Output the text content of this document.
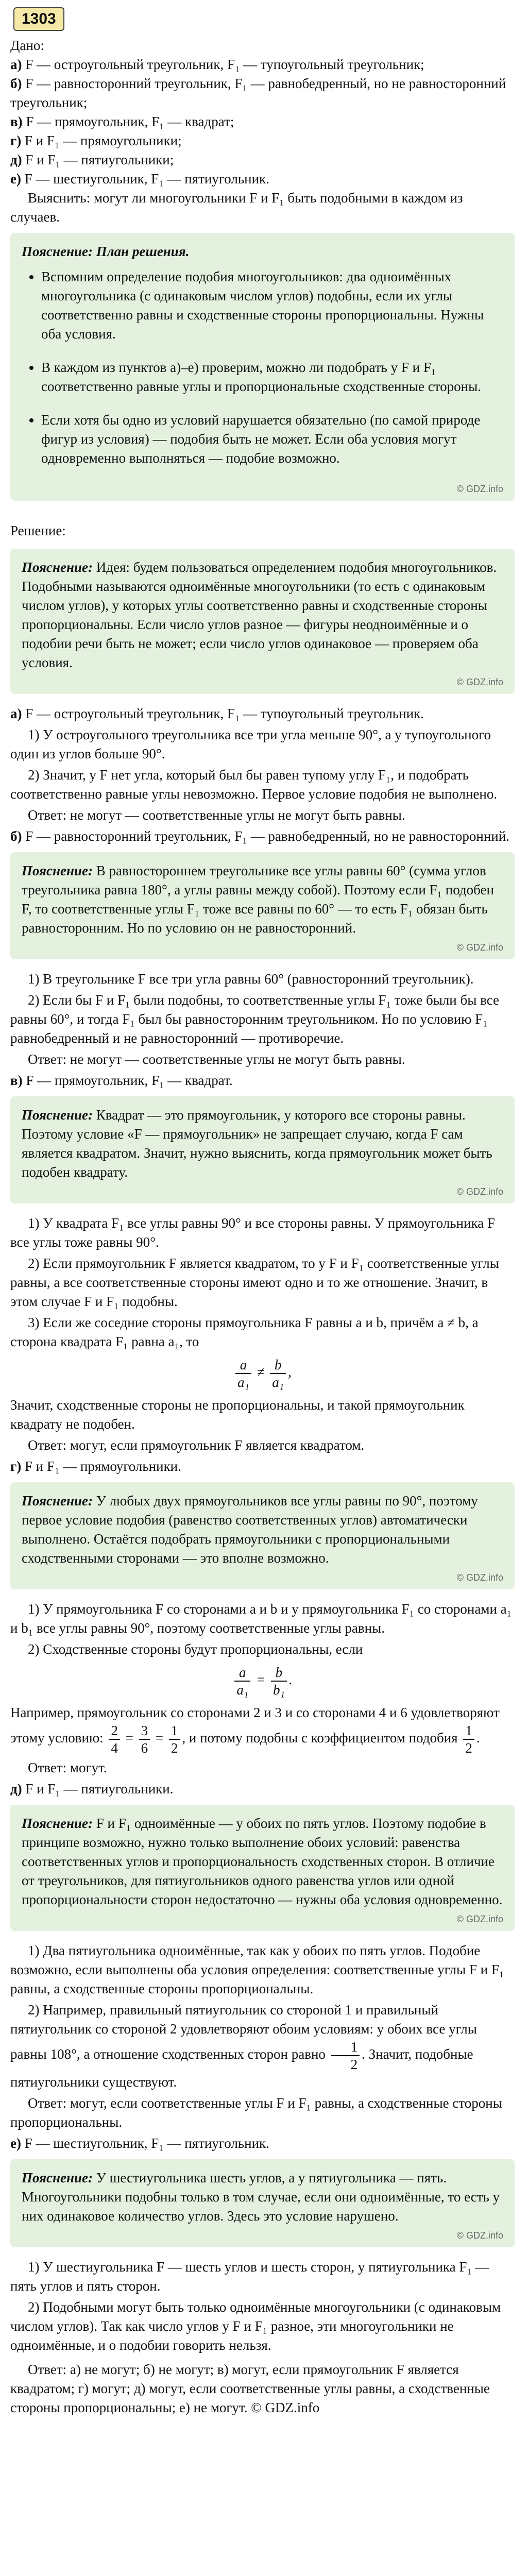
1303

Дано:

а) F — остроугольный треугольник, F₁ — тупоугольный треугольник;

б) F — равносторонний треугольник, F₁ — равнобедренный, но не равносторонний треугольник;

в) F — прямоугольник, F₁ — квадрат;

г) F и F₁ — прямоугольники;

д) F и F₁ — пятиугольники;

е) F — шестиугольник, F₁ — пятиугольник.

Выяснить: могут ли многоугольники F и F₁ быть подобными в каждом из случаев.

Пояснение: План решения.
• Вспомним определение подобия многоугольников: два одноимённых многоугольника (с одинаковым числом углов) подобны, если их углы соответственно равны и сходственные стороны пропорциональны. Нужны оба условия.
• В каждом из пунктов а)–е) проверим, можно ли подобрать у F и F₁ соответственно равные углы и пропорциональные сходственные стороны.
• Если хотя бы одно из условий нарушается обязательно (по самой природе фигур из условия) — подобия быть не может. Если оба условия могут одновременно выполняться — подобие возможно.
© GDZ.info

Решение:

Пояснение: Идея: будем пользоваться определением подобия многоугольников. Подобными называются одноимённые многоугольники (то есть с одинаковым числом углов), у которых углы соответственно равны и сходственные стороны пропорциональны. Если число углов разное — фигуры неодноимённые и о подобии речи быть не может; если число углов одинаковое — проверяем оба условия.

© GDZ.info

а) F — остроугольный треугольник, F₁ — тупоугольный треугольник.

1) У остроугольного треугольника все три угла меньше 90°, а у тупоугольного один из углов больше 90°.

2) Значит, у F нет угла, который был бы равен тупому углу F₁, и подобрать соответственно равные углы невозможно. Первое условие подобия не выполнено.

Ответ: не могут — соответственные углы не могут быть равны.

б) F — равносторонний треугольник, F₁ — равнобедренный, но не равносторонний.

Пояснение: В равностороннем треугольнике все углы равны 60° (сумма углов треугольника равна 180°, а углы равны между собой). Поэтому если F₁ подобен F, то соответственные углы F₁ тоже все равны по 60° — то есть F₁ обязан быть равносторонним. Но по условию он не равносторонний.

© GDZ.info

1) В треугольнике F все три угла равны 60° (равносторонний треугольник).

2) Если бы F и F₁ были подобны, то соответственные углы F₁ тоже были бы все равны 60°, и тогда F₁ был бы равносторонним треугольником. Но по условию F₁ равнобедренный и не равносторонний — противоречие.

Ответ: не могут — соответственные углы не могут быть равны.

в) F — прямоугольник, F₁ — квадрат.

Пояснение: Квадрат — это прямоугольник, у которого все стороны равны. Поэтому условие «F — прямоугольник» не запрещает случаю, когда F сам является квадратом. Значит, нужно выяснить, когда прямоугольник может быть подобен квадрату.

© GDZ.info

1) У квадрата F₁ все углы равны 90° и все стороны равны. У прямоугольника F все углы тоже равны 90°.

2) Если прямоугольник F является квадратом, то у F и F₁ соответственные углы равны, а все соответственные стороны имеют одно и то же отношение. Значит, в этом случае F и F₁ подобны.

3) Если же соседние стороны прямоугольника F равны a и b, причём a ≠ b, а сторона квадрата F₁ равна a₁, то

$\frac{a}{\text{a₁}} \ne \frac{b}{\text{a₁}}$ ,

Значит, сходственные стороны не пропорциональны, и такой прямоугольник квадрату не подобен.

Ответ: могут, если прямоугольник F является квадратом.

г) F и F₁ — прямоугольники.

Пояснение: У любых двух прямоугольников все углы равны по 90°, поэтому первое условие подобия (равенство соответственных углов) автоматически выполнено. Остаётся подобрать прямоугольники с пропорциональными сходственными сторонами — это вполне возможно.

© GDZ.info

1) У прямоугольника F со сторонами a и b и у прямоугольника F₁ со сторонами a₁ и b₁ все углы равны 90°, поэтому соответственные углы равны.

2) Сходственные стороны будут пропорциональны, если

$\frac{a}{\text{a₁}} = \frac{b}{\text{b₁}}$ .

Например, прямоугольник со сторонами 2 и 3 и со сторонами 4 и 6 удовлетворяют этому условию: $\frac{2}{4} = \frac{3}{6} = \frac{1}{2}$ , и потому подобны с коэффициентом подобия $\frac{1}{2}$ .

Ответ: могут.

д) F и F₁ — пятиугольники.

Пояснение: F и F₁ одноимённые — у обоих по пять углов. Поэтому подобие в принципе возможно, нужно только выполнение обоих условий: равенства соответственных углов и пропорциональность сходственных сторон. В отличие от треугольников, для пятиугольников одного равенства углов или одной пропорциональности сторон недостаточно — нужны оба условия одновременно.

© GDZ.info

1) Два пятиугольника одноимённые, так как у обоих по пять углов. Подобие возможно, если выполнены оба условия определения: соответственные углы F и F₁ равны, а сходственные стороны пропорциональны.

2) Например, правильный пятиугольник со стороной 1 и правильный пятиугольник со стороной 2 удовлетворяют обоим условиям: у обоих все углы равны 108°, а отношение сходственных сторон равно $\frac{1}{2}$ . Значит, подобные пятиугольники существуют.

Ответ: могут, если соответственные углы F и F₁ равны, а сходственные стороны пропорциональны.

е) F — шестиугольник, F₁ — пятиугольник.

Пояснение: У шестиугольника шесть углов, а у пятиугольника — пять. Многоугольники подобны только в том случае, если они одноимённые, то есть у них одинаковое количество углов. Здесь это условие нарушено.

© GDZ.info

1) У шестиугольника F — шесть углов и шесть сторон, у пятиугольника F₁ — пять углов и пять сторон.

2) Подобными могут быть только одноимённые многоугольники (с одинаковым числом углов). Так как число углов у F и F₁ разное, эти многоугольники не одноимённые, и о подобии говорить нельзя.

Ответ: а) не могут; б) не могут; в) могут, если прямоугольник F является квадратом; г) могут; д) могут, если соответственные углы равны, а сходственные стороны пропорциональны; е) не могут. © GDZ.info
